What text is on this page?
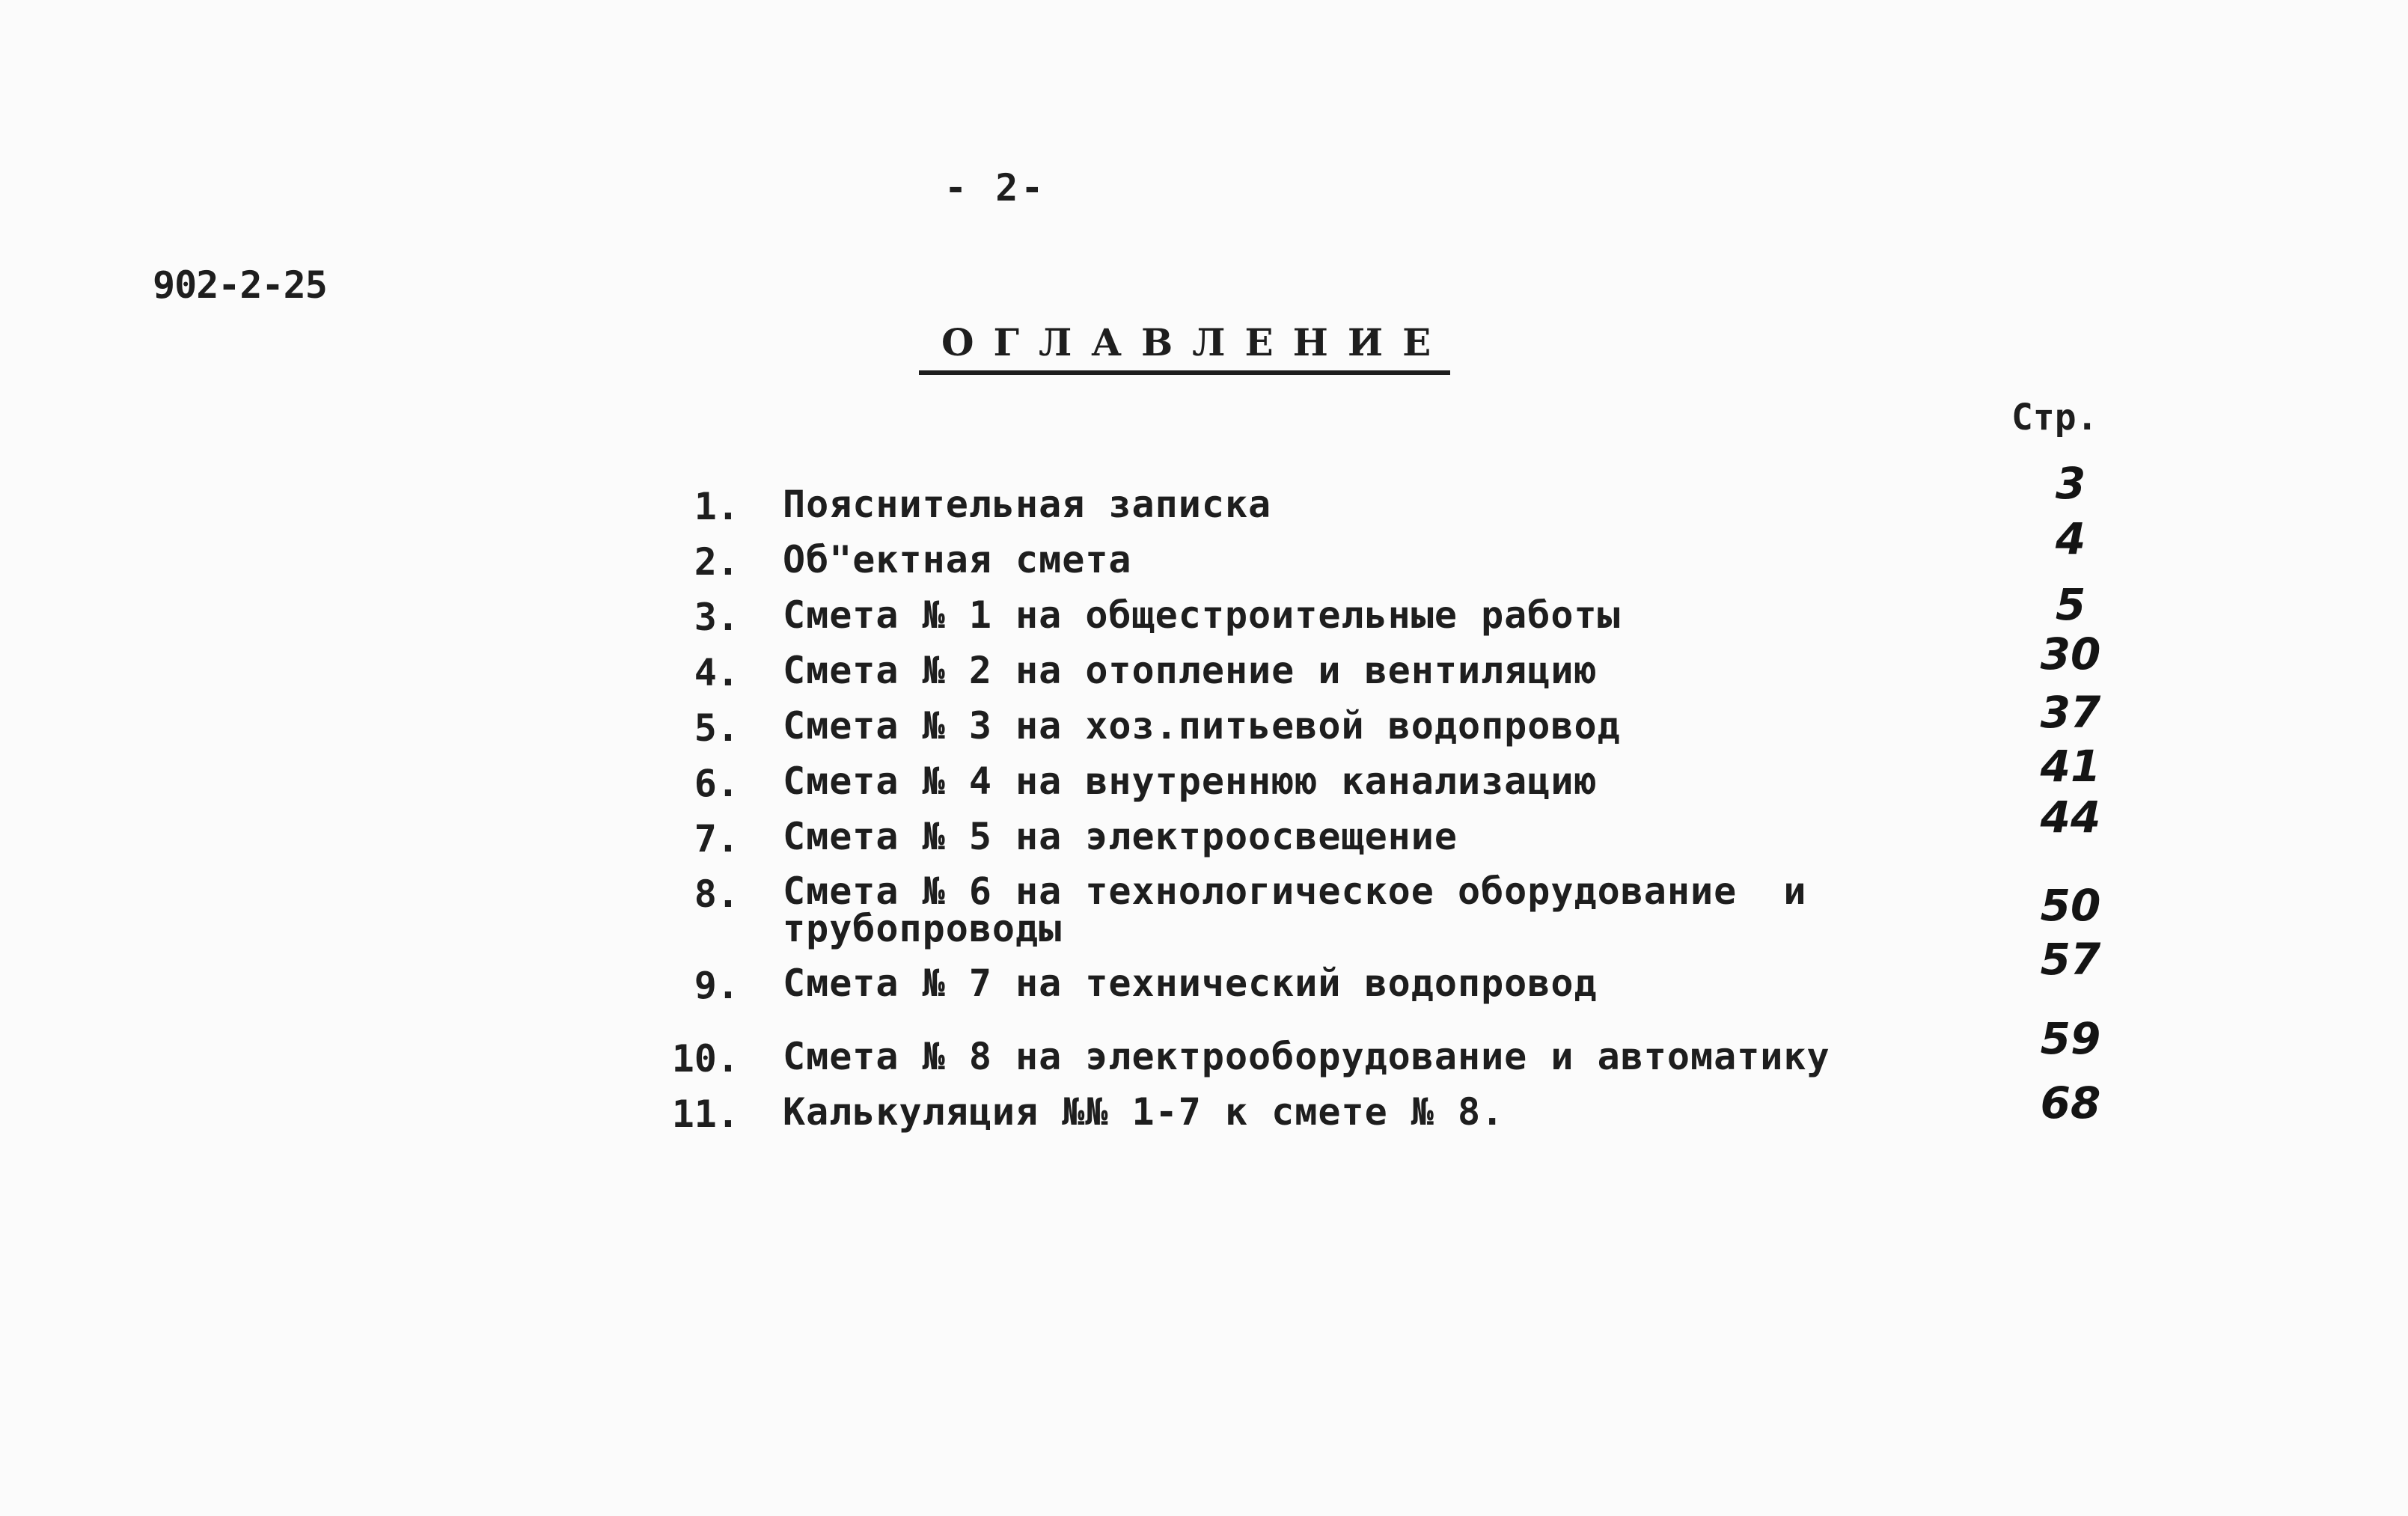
- 2-
902-2-25
ОГЛАВЛЕНИЕ
Стр.
1. Пояснительная записка
2. Об"ектная смета
3. Смета № 1 на общестроительные работы
4. Смета № 2 на отопление и вентиляцию
5. Смета № 3 на хоз.питьевой водопровод
6. Смета № 4 на внутреннюю канализацию
7. Смета № 5 на электроосвещение
8. Смета № 6 на технологическое оборудование  и
трубопроводы
9. Смета № 7 на технический водопровод
10. Смета № 8 на электрооборудование и автоматику
11. Калькуляция №№ 1-7 к смете № 8.
3
4
5
30
37
41
44
50
57
59
68
